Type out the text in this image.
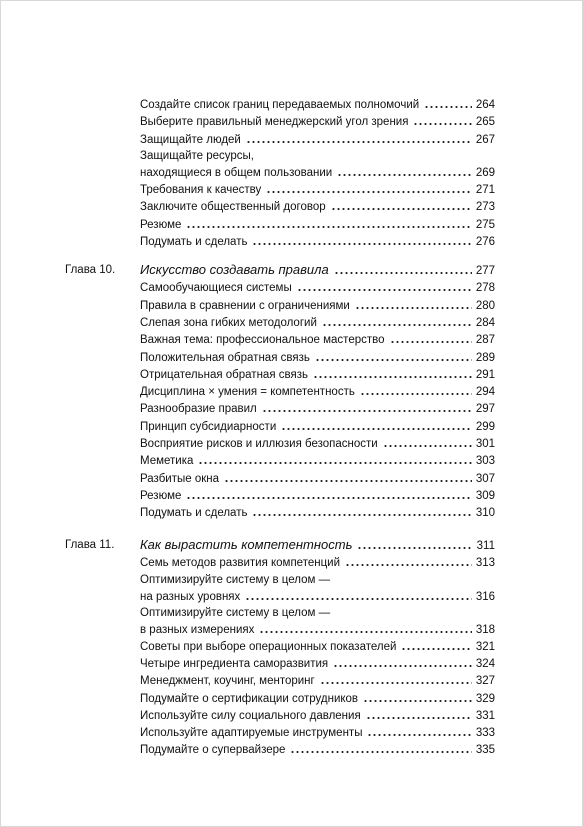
Создайте список границ передаваемых полномочий	264
Выберите правильный менеджерский угол зрения	265
Защищайте людей	267
Защищайте ресурсы,
находящиеся в общем пользовании	269
Требования к качеству	271
Заключите общественный договор	273
Резюме	275
Подумать и сделать	276
Глава 10.	Искусство создавать правила	277
Самообучающиеся системы	278
Правила в сравнении с ограничениями	280
Слепая зона гибких методологий	284
Важная тема: профессиональное мастерство	287
Положительная обратная связь	289
Отрицательная обратная связь	291
Дисциплина × умения = компетентность	294
Разнообразие правил	297
Принцип субсидиарности	299
Восприятие рисков и иллюзия безопасности	301
Меметика	303
Разбитые окна	307
Резюме	309
Подумать и сделать	310
Глава 11.	Как вырастить компетентность	311
Семь методов развития компетенций	313
Оптимизируйте систему в целом —
на разных уровнях	316
Оптимизируйте систему в целом —
в разных измерениях	318
Советы при выборе операционных показателей	321
Четыре ингредиента саморазвития	324
Менеджмент, коучинг, менторинг	327
Подумайте о сертификации сотрудников	329
Используйте силу социального давления	331
Используйте адаптируемые инструменты	333
Подумайте о супервайзере	335
